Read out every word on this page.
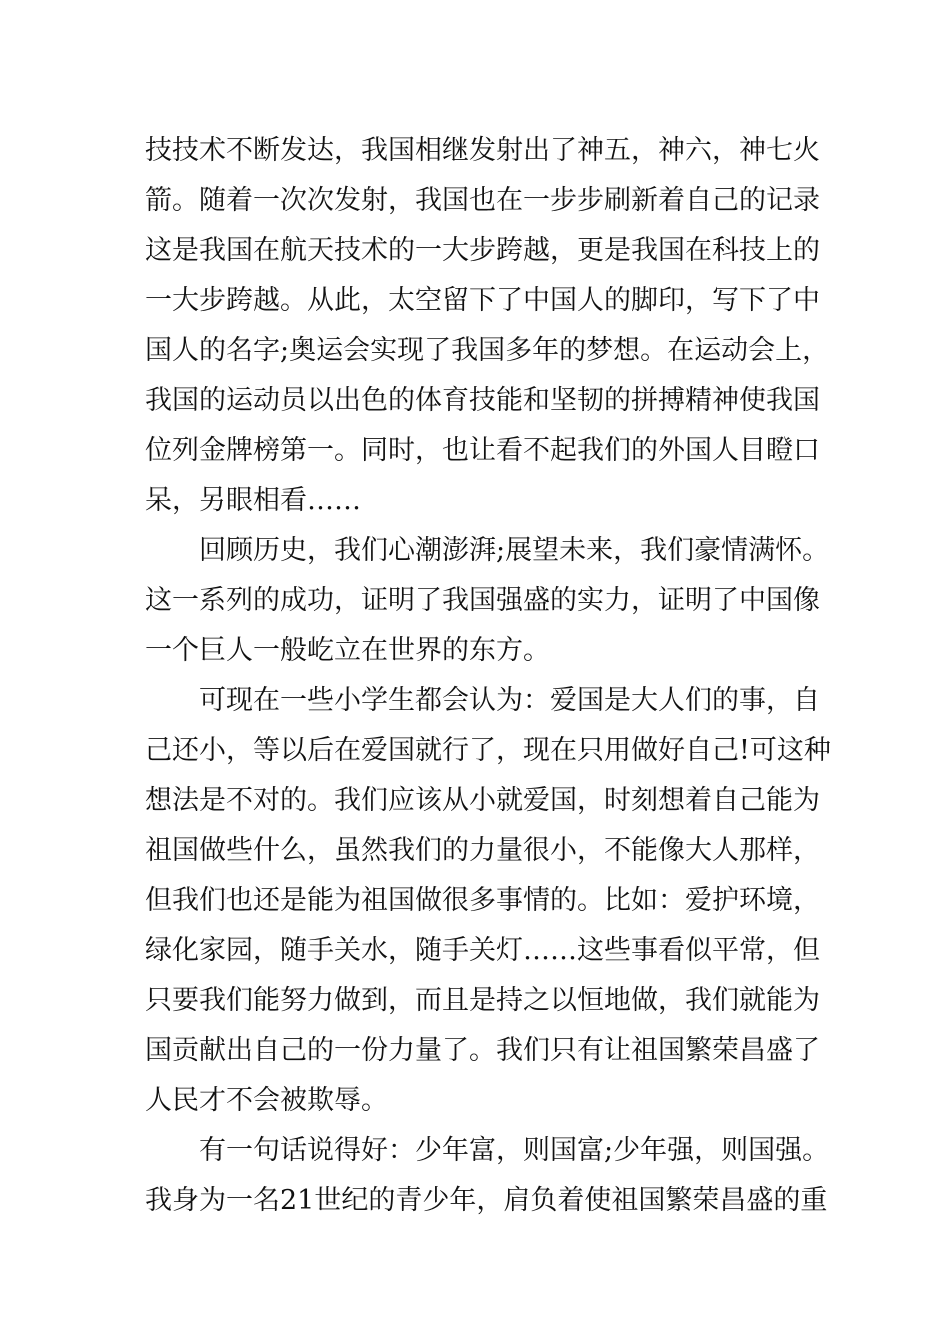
技技术不断发达，我国相继发射出了神五，神六，神七火
箭。随着一次次发射，我国也在一步步刷新着自己的记录
这是我国在航天技术的一大步跨越，更是我国在科技上的
一大步跨越。从此，太空留下了中国人的脚印，写下了中
国人的名字;奥运会实现了我国多年的梦想。在运动会上，
我国的运动员以出色的体育技能和坚韧的拼搏精神使我国
位列金牌榜第一。同时，也让看不起我们的外国人目瞪口
呆，另眼相看……
回顾历史，我们心潮澎湃;展望未来，我们豪情满怀。
这一系列的成功，证明了我国强盛的实力，证明了中国像
一个巨人一般屹立在世界的东方。
可现在一些小学生都会认为：爱国是大人们的事，自
己还小，等以后在爱国就行了，现在只用做好自己!可这种
想法是不对的。我们应该从小就爱国，时刻想着自己能为
祖国做些什么，虽然我们的力量很小，不能像大人那样，
但我们也还是能为祖国做很多事情的。比如：爱护环境，
绿化家园，随手关水，随手关灯……这些事看似平常，但
只要我们能努力做到，而且是持之以恒地做，我们就能为
国贡献出自己的一份力量了。我们只有让祖国繁荣昌盛了
人民才不会被欺辱。
有一句话说得好：少年富，则国富;少年强，则国强。
我身为一名21世纪的青少年，肩负着使祖国繁荣昌盛的重
